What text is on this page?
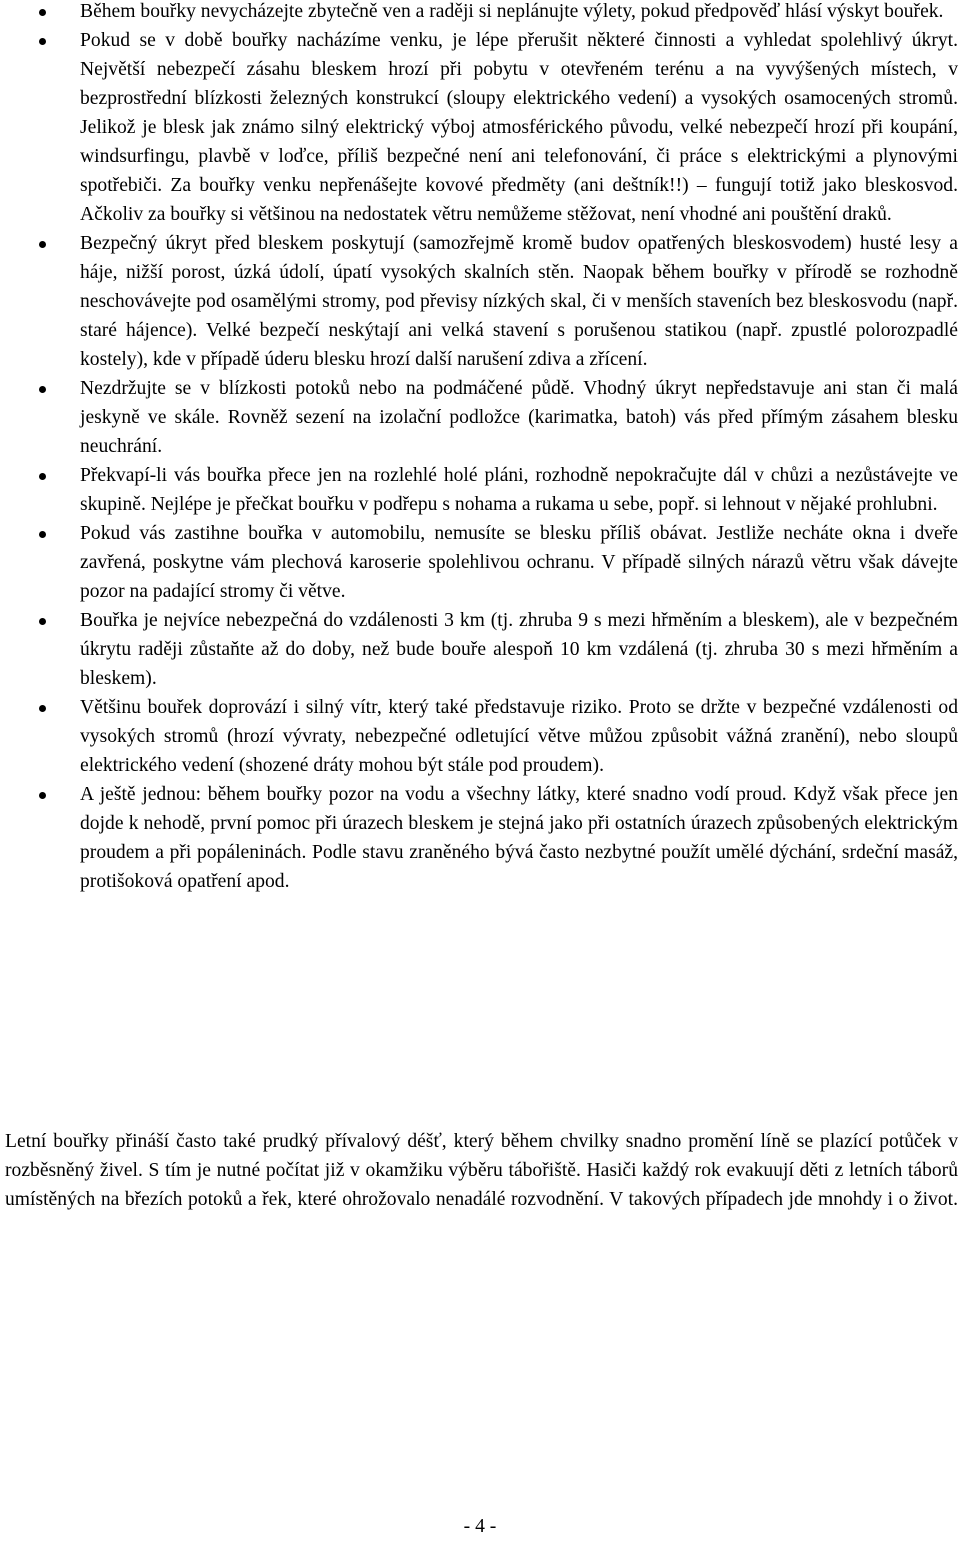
Během bouřky nevycházejte zbytečně ven a raději si neplánujte výlety, pokud předpověď hlásí výskyt bouřek.
Pokud se v době bouřky nacházíme venku, je lépe přerušit některé činnosti a vyhledat spolehlivý úkryt. Největší nebezpečí zásahu bleskem hrozí při pobytu v otevřeném terénu a na vyvýšených místech, v bezprostřední blízkosti železných konstrukcí (sloupy elektrického vedení) a vysokých osamocených stromů. Jelikož je blesk jak známo silný elektrický výboj atmosférického původu, velké nebezpečí hrozí při koupání, windsurfingu, plavbě v loďce, příliš bezpečné není ani telefonování, či práce s elektrickými a plynovými spotřebiči. Za bouřky venku nepřenášejte kovové předměty (ani deštník!!) – fungují totiž jako bleskosvod. Ačkoliv za bouřky si většinou na nedostatek větru nemůžeme stěžovat, není vhodné ani pouštění draků.
Bezpečný úkryt před bleskem poskytují (samozřejmě kromě budov opatřených bleskosvodem) husté lesy a háje, nižší porost, úzká údolí, úpatí vysokých skalních stěn. Naopak během bouřky v přírodě se rozhodně neschovávejte pod osamělými stromy, pod převisy nízkých skal, či v menších staveních bez bleskosvodu (např. staré hájence). Velké bezpečí neskýtají ani velká stavení s porušenou statikou (např. zpustlé polorozpadlé kostely), kde v případě úderu blesku hrozí další narušení zdiva a zřícení.
Nezdržujte se v blízkosti potoků nebo na podmáčené půdě. Vhodný úkryt nepředstavuje ani stan či malá jeskyně ve skále. Rovněž sezení na izolační podložce (karimatka, batoh) vás před přímým zásahem blesku neuchrání.
Překvapí-li vás bouřka přece jen na rozlehlé holé pláni, rozhodně nepokračujte dál v chůzi a nezůstávejte ve skupině. Nejlépe je přečkat bouřku v podřepu s nohama a rukama u sebe, popř. si lehnout v nějaké prohlubni.
Pokud vás zastihne bouřka v automobilu, nemusíte se blesku příliš obávat. Jestliže necháte okna i dveře zavřená, poskytne vám plechová karoserie spolehlivou ochranu. V případě silných nárazů větru však dávejte pozor na padající stromy či větve.
Bouřka je nejvíce nebezpečná do vzdálenosti 3 km (tj. zhruba 9 s mezi hřměním a bleskem), ale v bezpečném úkrytu raději zůstaňte až do doby, než bude bouře alespoň 10 km vzdálená (tj. zhruba 30 s mezi hřměním a bleskem).
Většinu bouřek doprovází i silný vítr, který také představuje riziko. Proto se držte v bezpečné vzdálenosti od vysokých stromů (hrozí vývraty, nebezpečné odletující větve můžou způsobit vážná zranění), nebo sloupů elektrického vedení (shozené dráty mohou být stále pod proudem).
A ještě jednou: během bouřky pozor na vodu a všechny látky, které snadno vodí proud. Když však přece jen dojde k nehodě, první pomoc při úrazech bleskem je stejná jako při ostatních úrazech způsobených elektrickým proudem a při popáleninách. Podle stavu zraněného bývá často nezbytné použít umělé dýchání, srdeční masáž, protišoková opatření apod.

Letní bouřky přináší často také prudký přívalový déšť, který během chvilky snadno promění líně se plazící potůček v rozběsněný živel. S tím je nutné počítat již v okamžiku výběru tábořiště. Hasiči každý rok evakuují děti z letních táborů umístěných na březích potoků a řek, které ohrožovalo nenadálé rozvodnění. V takových případech jde mnohdy i o život.

- 4 -
